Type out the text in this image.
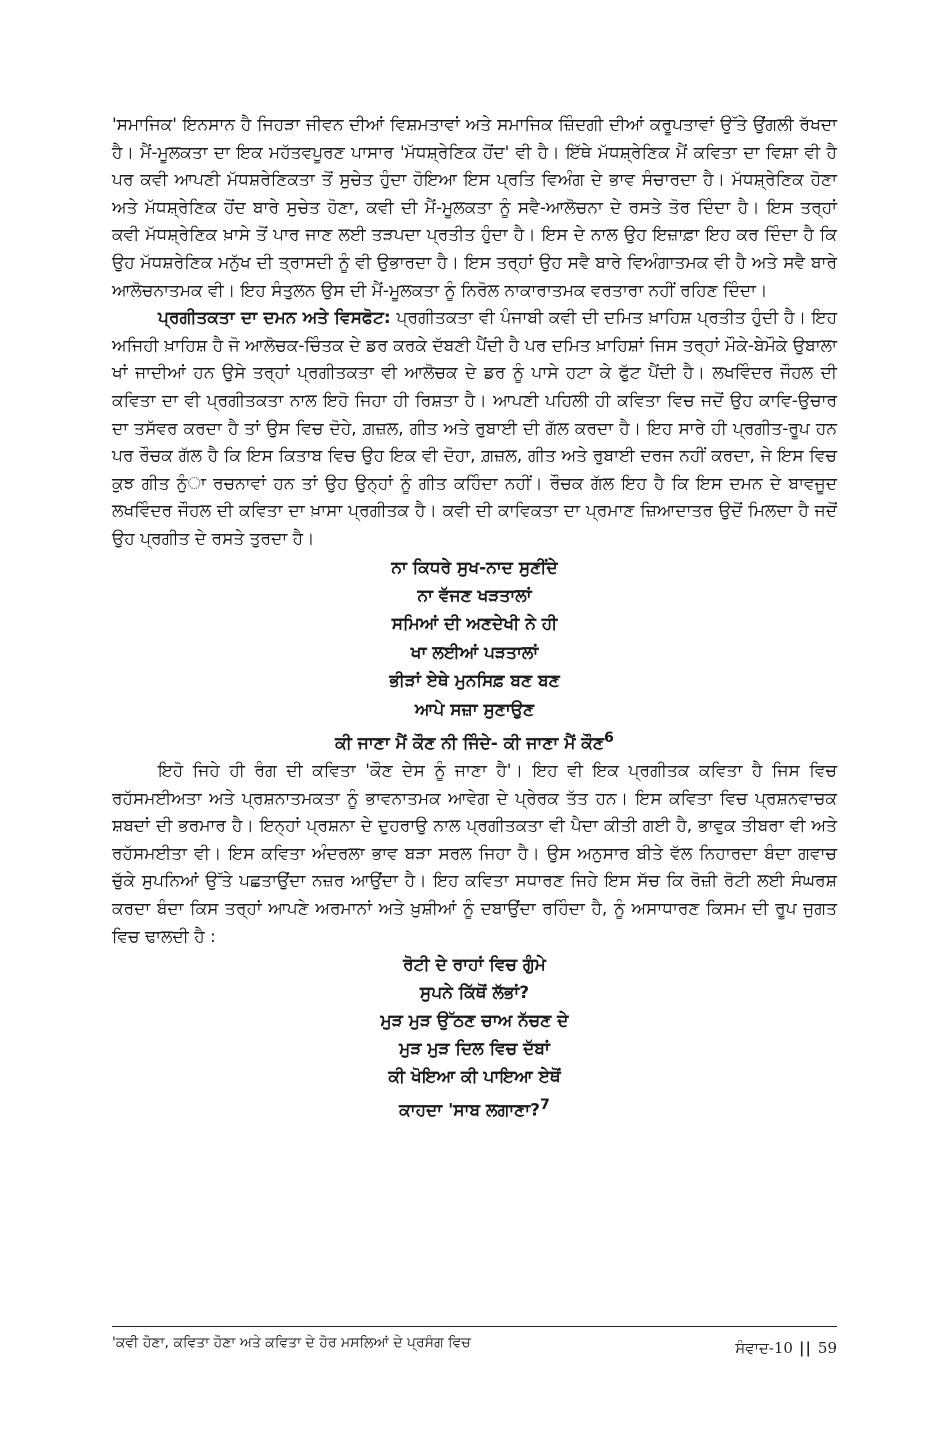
'ਸਮਾਜਿਕ' ਇਨਸਾਨ ਹੈ ਜਿਹੜਾ ਜੀਵਨ ਦੀਆਂ ਵਿਸ਼ਮਤਾਵਾਂ ਅਤੇ ਸਮਾਜਿਕ ਜ਼ਿੰਦਗੀ ਦੀਆਂ ਕਰੂਪਤਾਵਾਂ ਉੱਤੇ ਉਂਗਲੀ ਰੱਖਦਾ ਹੈ। ਮੈਂ-ਮੂਲਕਤਾ ਦਾ ਇਕ ਮਹੱਤਵਪੂਰਣ ਪਾਸਾਰ 'ਮੱਧਸ਼੍ਰੇਣਿਕ ਹੋਂਦ' ਵੀ ਹੈ। ਇੱਥੇ ਮੱਧਸ਼੍ਰੇਣਿਕ ਮੈਂ ਕਵਿਤਾ ਦਾ ਵਿਸ਼ਾ ਵੀ ਹੈ ਪਰ ਕਵੀ ਆਪਣੀ ਮੱਧਸ਼ਰੇਣਿਕਤਾ ਤੋਂ ਸੁਚੇਤ ਹੁੰਦਾ ਹੋਇਆ ਇਸ ਪ੍ਰਤਿ ਵਿਅੰਗ ਦੇ ਭਾਵ ਸੰਚਾਰਦਾ ਹੈ। ਮੱਧਸ਼੍ਰੇਣਿਕ ਹੋਣਾ ਅਤੇ ਮੱਧਸ਼੍ਰੇਣਿਕ ਹੋਂਦ ਬਾਰੇ ਸੁਚੇਤ ਹੋਣਾ, ਕਵੀ ਦੀ ਮੈਂ-ਮੂਲਕਤਾ ਨੂੰ ਸਵੈ-ਆਲੋਚਨਾ ਦੇ ਰਸਤੇ ਤੋਰ ਦਿੰਦਾ ਹੈ। ਇਸ ਤਰ੍ਹਾਂ ਕਵੀ ਮੱਧਸ਼੍ਰੇਣਿਕ ਖ਼ਾਸੇ ਤੋਂ ਪਾਰ ਜਾਣ ਲਈ ਤੜਪਦਾ ਪ੍ਰਤੀਤ ਹੁੰਦਾ ਹੈ। ਇਸ ਦੇ ਨਾਲ ਉਹ ਇਜ਼ਾਫ਼ਾ ਇਹ ਕਰ ਦਿੰਦਾ ਹੈ ਕਿ ਉਹ ਮੱਧਸ਼ਰੇਣਿਕ ਮਨੁੱਖ ਦੀ ਤ੍ਰਾਸਦੀ ਨੂੰ ਵੀ ਉਭਾਰਦਾ ਹੈ। ਇਸ ਤਰ੍ਹਾਂ ਉਹ ਸਵੈ ਬਾਰੇ ਵਿਅੰਗਾਤਮਕ ਵੀ ਹੈ ਅਤੇ ਸਵੈ ਬਾਰੇ ਆਲੋਚਨਾਤਮਕ ਵੀ। ਇਹ ਸੰਤੁਲਨ ਉਸ ਦੀ ਮੈਂ-ਮੂਲਕਤਾ ਨੂੰ ਨਿਰੋਲ ਨਾਕਾਰਾਤਮਕ ਵਰਤਾਰਾ ਨਹੀਂ ਰਹਿਣ ਦਿੰਦਾ।

ਪ੍ਰਗੀਤਕਤਾ ਦਾ ਦਮਨ ਅਤੇ ਵਿਸਫੋਟ: ਪ੍ਰਗੀਤਕਤਾ ਵੀ ਪੰਜਾਬੀ ਕਵੀ ਦੀ ਦਮਿਤ ਖ਼ਾਹਿਸ਼ ਪ੍ਰਤੀਤ ਹੁੰਦੀ ਹੈ। ਇਹ ਅਜਿਹੀ ਖ਼ਾਹਿਸ਼ ਹੈ ਜੋ ਆਲੋਚਕ-ਚਿੰਤਕ ਦੇ ਡਰ ਕਰਕੇ ਦੱਬਣੀ ਪੈਂਦੀ ਹੈ ਪਰ ਦਮਿਤ ਖ਼ਾਹਿਸ਼ਾਂ ਜਿਸ ਤਰ੍ਹਾਂ ਮੌਕੇ-ਬੇਮੌਕੇ ਉਬਾਲਾ ਖਾਂ ਜਾਦੀਆਂ ਹਨ ਉਸੇ ਤਰ੍ਹਾਂ ਪ੍ਰਗੀਤਕਤਾ ਵੀ ਆਲੋਚਕ ਦੇ ਡਰ ਨੂੰ ਪਾਸੇ ਹਟਾ ਕੇ ਫੁੱਟ ਪੈਂਦੀ ਹੈ। ਲਖਵਿੰਦਰ ਜੌਹਲ ਦੀ ਕਵਿਤਾ ਦਾ ਵੀ ਪ੍ਰਗੀਤਕਤਾ ਨਾਲ ਇਹੋ ਜਿਹਾ ਹੀ ਰਿਸ਼ਤਾ ਹੈ। ਆਪਣੀ ਪਹਿਲੀ ਹੀ ਕਵਿਤਾ ਵਿਚ ਜਦੋਂ ਉਹ ਕਾਵਿ-ਉਚਾਰ ਦਾ ਤਸੱਵਰ ਕਰਦਾ ਹੈ ਤਾਂ ਉਸ ਵਿਚ ਦੋਹੇ, ਗ਼ਜ਼ਲ, ਗੀਤ ਅਤੇ ਰੁਬਾਈ ਦੀ ਗੱਲ ਕਰਦਾ ਹੈ। ਇਹ ਸਾਰੇ ਹੀ ਪ੍ਰਗੀਤ-ਰੂਪ ਹਨ ਪਰ ਰੌਚਕ ਗੱਲ ਹੈ ਕਿ ਇਸ ਕਿਤਾਬ ਵਿਚ ਉਹ ਇਕ ਵੀ ਦੋਹਾ, ਗ਼ਜ਼ਲ, ਗੀਤ ਅਤੇ ਰੁਬਾਈ ਦਰਜ ਨਹੀਂ ਕਰਦਾ, ਜੇ ਇਸ ਵਿਚ ਕੁਝ ਗੀਤ ਨੁੰਾ ਰਚਨਾਵਾਂ ਹਨ ਤਾਂ ਉਹ ਉਨ੍ਹਾਂ ਨੂੰ ਗੀਤ ਕਹਿੰਦਾ ਨਹੀਂ। ਰੌਚਕ ਗੱਲ ਇਹ ਹੈ ਕਿ ਇਸ ਦਮਨ ਦੇ ਬਾਵਜੂਦ ਲਖਵਿੰਦਰ ਜੌਹਲ ਦੀ ਕਵਿਤਾ ਦਾ ਖ਼ਾਸਾ ਪ੍ਰਗੀਤਕ ਹੈ। ਕਵੀ ਦੀ ਕਾਵਿਕਤਾ ਦਾ ਪ੍ਰਮਾਣ ਜ਼ਿਆਦਾਤਰ ਉਦੋਂ ਮਿਲਦਾ ਹੈ ਜਦੋਂ ਉਹ ਪ੍ਰਗੀਤ ਦੇ ਰਸਤੇ ਤੁਰਦਾ ਹੈ।

ਨਾ ਕਿਧਰੇ ਸੁਖ-ਨਾਦ ਸੁਣੀਂਦੇ
ਨਾ ਵੱਜਣ ਖੜਤਾਲਾਂ
ਸਮਿਆਂ ਦੀ ਅਣਦੇਖੀ ਨੇ ਹੀ
ਖਾ ਲਈਆਂ ਪੜਤਾਲਾਂ
ਭੀੜਾਂ ਏਥੇ ਮੁਨਸਿਫ਼ ਬਣ ਬਣ
ਆਪੇ ਸਜ਼ਾ ਸੁਣਾਉਣ
ਕੀ ਜਾਣਾ ਮੈਂ ਕੌਣ ਨੀ ਜਿੰਦੇ- ਕੀ ਜਾਣਾ ਮੈਂ ਕੌਣ$^6$

ਇਹੋ ਜਿਹੇ ਹੀ ਰੰਗ ਦੀ ਕਵਿਤਾ 'ਕੌਣ ਦੇਸ ਨੂੰ ਜਾਣਾ ਹੈ'। ਇਹ ਵੀ ਇਕ ਪ੍ਰਗੀਤਕ ਕਵਿਤਾ ਹੈ ਜਿਸ ਵਿਚ ਰਹੱਸਮਈਅਤਾ ਅਤੇ ਪ੍ਰਸ਼ਨਾਤਮਕਤਾ ਨੂੰ ਭਾਵਨਾਤਮਕ ਆਵੇਗ ਦੇ ਪ੍ਰੇਰਕ ਤੱਤ ਹਨ। ਇਸ ਕਵਿਤਾ ਵਿਚ ਪ੍ਰਸ਼ਨਵਾਚਕ ਸ਼ਬਦਾਂ ਦੀ ਭਰਮਾਰ ਹੈ। ਇਨ੍ਹਾਂ ਪ੍ਰਸ਼ਨਾ ਦੇ ਦੁਹਰਾਉ ਨਾਲ ਪ੍ਰਗੀਤਕਤਾ ਵੀ ਪੈਦਾ ਕੀਤੀ ਗਈ ਹੈ, ਭਾਵੁਕ ਤੀਬਰਾ ਵੀ ਅਤੇ ਰਹੱਸਮਈਤਾ ਵੀ। ਇਸ ਕਵਿਤਾ ਅੰਦਰਲਾ ਭਾਵ ਬੜਾ ਸਰਲ ਜਿਹਾ ਹੈ। ਉਸ ਅਨੁਸਾਰ ਬੀਤੇ ਵੱਲ ਨਿਹਾਰਦਾ ਬੰਦਾ ਗਵਾਚ ਚੁੱਕੇ ਸੁਪਨਿਆਂ ਉੱਤੇ ਪਛਤਾਉਂਦਾ ਨਜ਼ਰ ਆਉਂਦਾ ਹੈ। ਇਹ ਕਵਿਤਾ ਸਧਾਰਣ ਜਿਹੇ ਇਸ ਸੱਚ ਕਿ ਰੋਜ਼ੀ ਰੋਟੀ ਲਈ ਸੰਘਰਸ਼ ਕਰਦਾ ਬੰਦਾ ਕਿਸ ਤਰ੍ਹਾਂ ਆਪਣੇ ਅਰਮਾਨਾਂ ਅਤੇ ਖ਼ੁਸ਼ੀਆਂ ਨੂੰ ਦਬਾਉਂਦਾ ਰਹਿੰਦਾ ਹੈ, ਨੂੰ ਅਸਾਧਾਰਣ ਕਿਸਮ ਦੀ ਰੂਪ ਜੁਗਤ ਵਿਚ ਢਾਲਦੀ ਹੈ :

ਰੋਟੀ ਦੇ ਰਾਹਾਂ ਵਿਚ ਗੁੰਮੇ
ਸੁਪਨੇ ਕਿੱਥੋਂ ਲੱਭਾਂ?
ਮੁੜ ਮੁੜ ਉੱਠਣ ਚਾਅ ਨੱਚਣ ਦੇ
ਮੁੜ ਮੁੜ ਦਿਲ ਵਿਚ ਦੱਬਾਂ
ਕੀ ਖੋਇਆ ਕੀ ਪਾਇਆ ਏਥੋਂ
ਕਾਹਦਾ 'ਸਾਬ ਲਗਾਣਾ?$^7$
'ਕਵੀ ਹੋਣਾ, ਕਵਿਤਾ ਹੋਣਾ ਅਤੇ ਕਵਿਤਾ ਦੇ ਹੋਰ ਮਸਲਿਆਂ ਦੇ ਪ੍ਰਸੰਗ ਵਿਚ	ਸੰਵਾਦ-10 || 59
